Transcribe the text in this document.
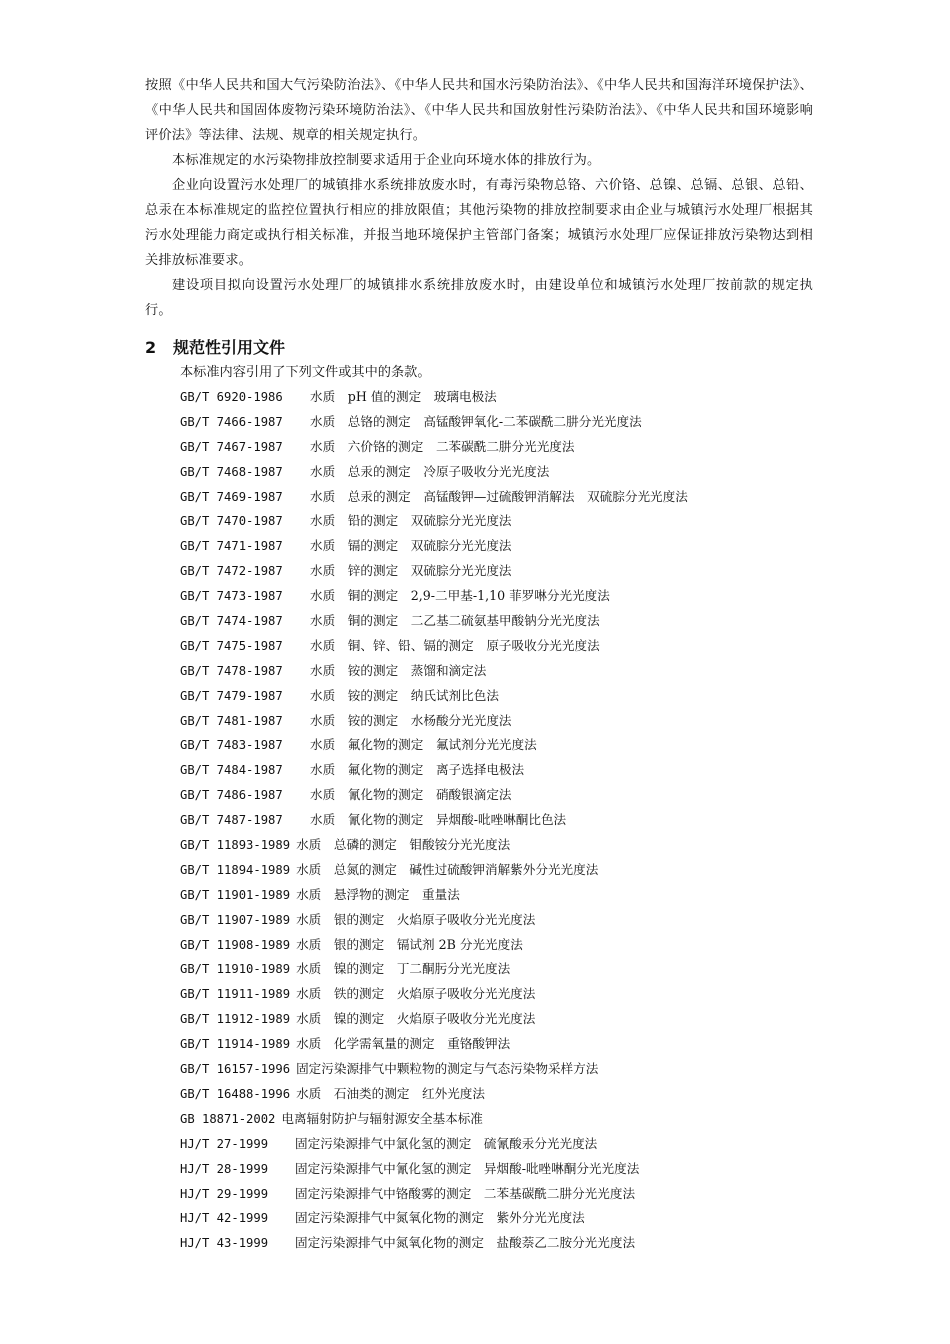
按照《中华人民共和国大气污染防治法》、《中华人民共和国水污染防治法》、《中华人民共和国海洋环境保护法》、《中华人民共和国固体废物污染环境防治法》、《中华人民共和国放射性污染防治法》、《中华人民共和国环境影响评价法》等法律、法规、规章的相关规定执行。

本标准规定的水污染物排放控制要求适用于企业向环境水体的排放行为。

企业向设置污水处理厂的城镇排水系统排放废水时，有毒污染物总铬、六价铬、总镍、总镉、总银、总铅、总汞在本标准规定的监控位置执行相应的排放限值；其他污染物的排放控制要求由企业与城镇污水处理厂根据其污水处理能力商定或执行相关标准，并报当地环境保护主管部门备案；城镇污水处理厂应保证排放污染物达到相关排放标准要求。

建设项目拟向设置污水处理厂的城镇排水系统排放废水时，由建设单位和城镇污水处理厂按前款的规定执行。

2 规范性引用文件

本标准内容引用了下列文件或其中的条款。

GB/T 6920-1986 水质　pH 值的测定　玻璃电极法
GB/T 7466-1987 水质　总铬的测定　高锰酸钾氧化-二苯碳酰二肼分光光度法
GB/T 7467-1987 水质　六价铬的测定　二苯碳酰二肼分光光度法
GB/T 7468-1987 水质　总汞的测定　冷原子吸收分光光度法
GB/T 7469-1987 水质　总汞的测定　高锰酸钾—过硫酸钾消解法　双硫腙分光光度法
GB/T 7470-1987 水质　铅的测定　双硫腙分光光度法
GB/T 7471-1987 水质　镉的测定　双硫腙分光光度法
GB/T 7472-1987 水质　锌的测定　双硫腙分光光度法
GB/T 7473-1987 水质　铜的测定　2,9-二甲基-1,10 菲罗啉分光光度法
GB/T 7474-1987 水质　铜的测定　二乙基二硫氨基甲酸钠分光光度法
GB/T 7475-1987 水质　铜、锌、铅、镉的测定　原子吸收分光光度法
GB/T 7478-1987 水质　铵的测定　蒸馏和滴定法
GB/T 7479-1987 水质　铵的测定　纳氏试剂比色法
GB/T 7481-1987 水质　铵的测定　水杨酸分光光度法
GB/T 7483-1987 水质　氟化物的测定　氟试剂分光光度法
GB/T 7484-1987 水质　氟化物的测定　离子选择电极法
GB/T 7486-1987 水质　氰化物的测定　硝酸银滴定法
GB/T 7487-1987 水质　氰化物的测定　异烟酸-吡唑啉酮比色法
GB/T 11893-1989 水质　总磷的测定　钼酸铵分光光度法
GB/T 11894-1989 水质　总氮的测定　碱性过硫酸钾消解紫外分光光度法
GB/T 11901-1989 水质　悬浮物的测定　重量法
GB/T 11907-1989 水质　银的测定　火焰原子吸收分光光度法
GB/T 11908-1989 水质　银的测定　镉试剂 2B 分光光度法
GB/T 11910-1989 水质　镍的测定　丁二酮肟分光光度法
GB/T 11911-1989 水质　铁的测定　火焰原子吸收分光光度法
GB/T 11912-1989 水质　镍的测定　火焰原子吸收分光光度法
GB/T 11914-1989 水质　化学需氧量的测定　重铬酸钾法
GB/T 16157-1996 固定污染源排气中颗粒物的测定与气态污染物采样方法
GB/T 16488-1996 水质　石油类的测定　红外光度法
GB 18871-2002 电离辐射防护与辐射源安全基本标准
HJ/T 27-1999 固定污染源排气中氯化氢的测定　硫氰酸汞分光光度法
HJ/T 28-1999 固定污染源排气中氰化氢的测定　异烟酸-吡唑啉酮分光光度法
HJ/T 29-1999 固定污染源排气中铬酸雾的测定　二苯基碳酰二肼分光光度法
HJ/T 42-1999 固定污染源排气中氮氧化物的测定　紫外分光光度法
HJ/T 43-1999 固定污染源排气中氮氧化物的测定　盐酸萘乙二胺分光光度法
